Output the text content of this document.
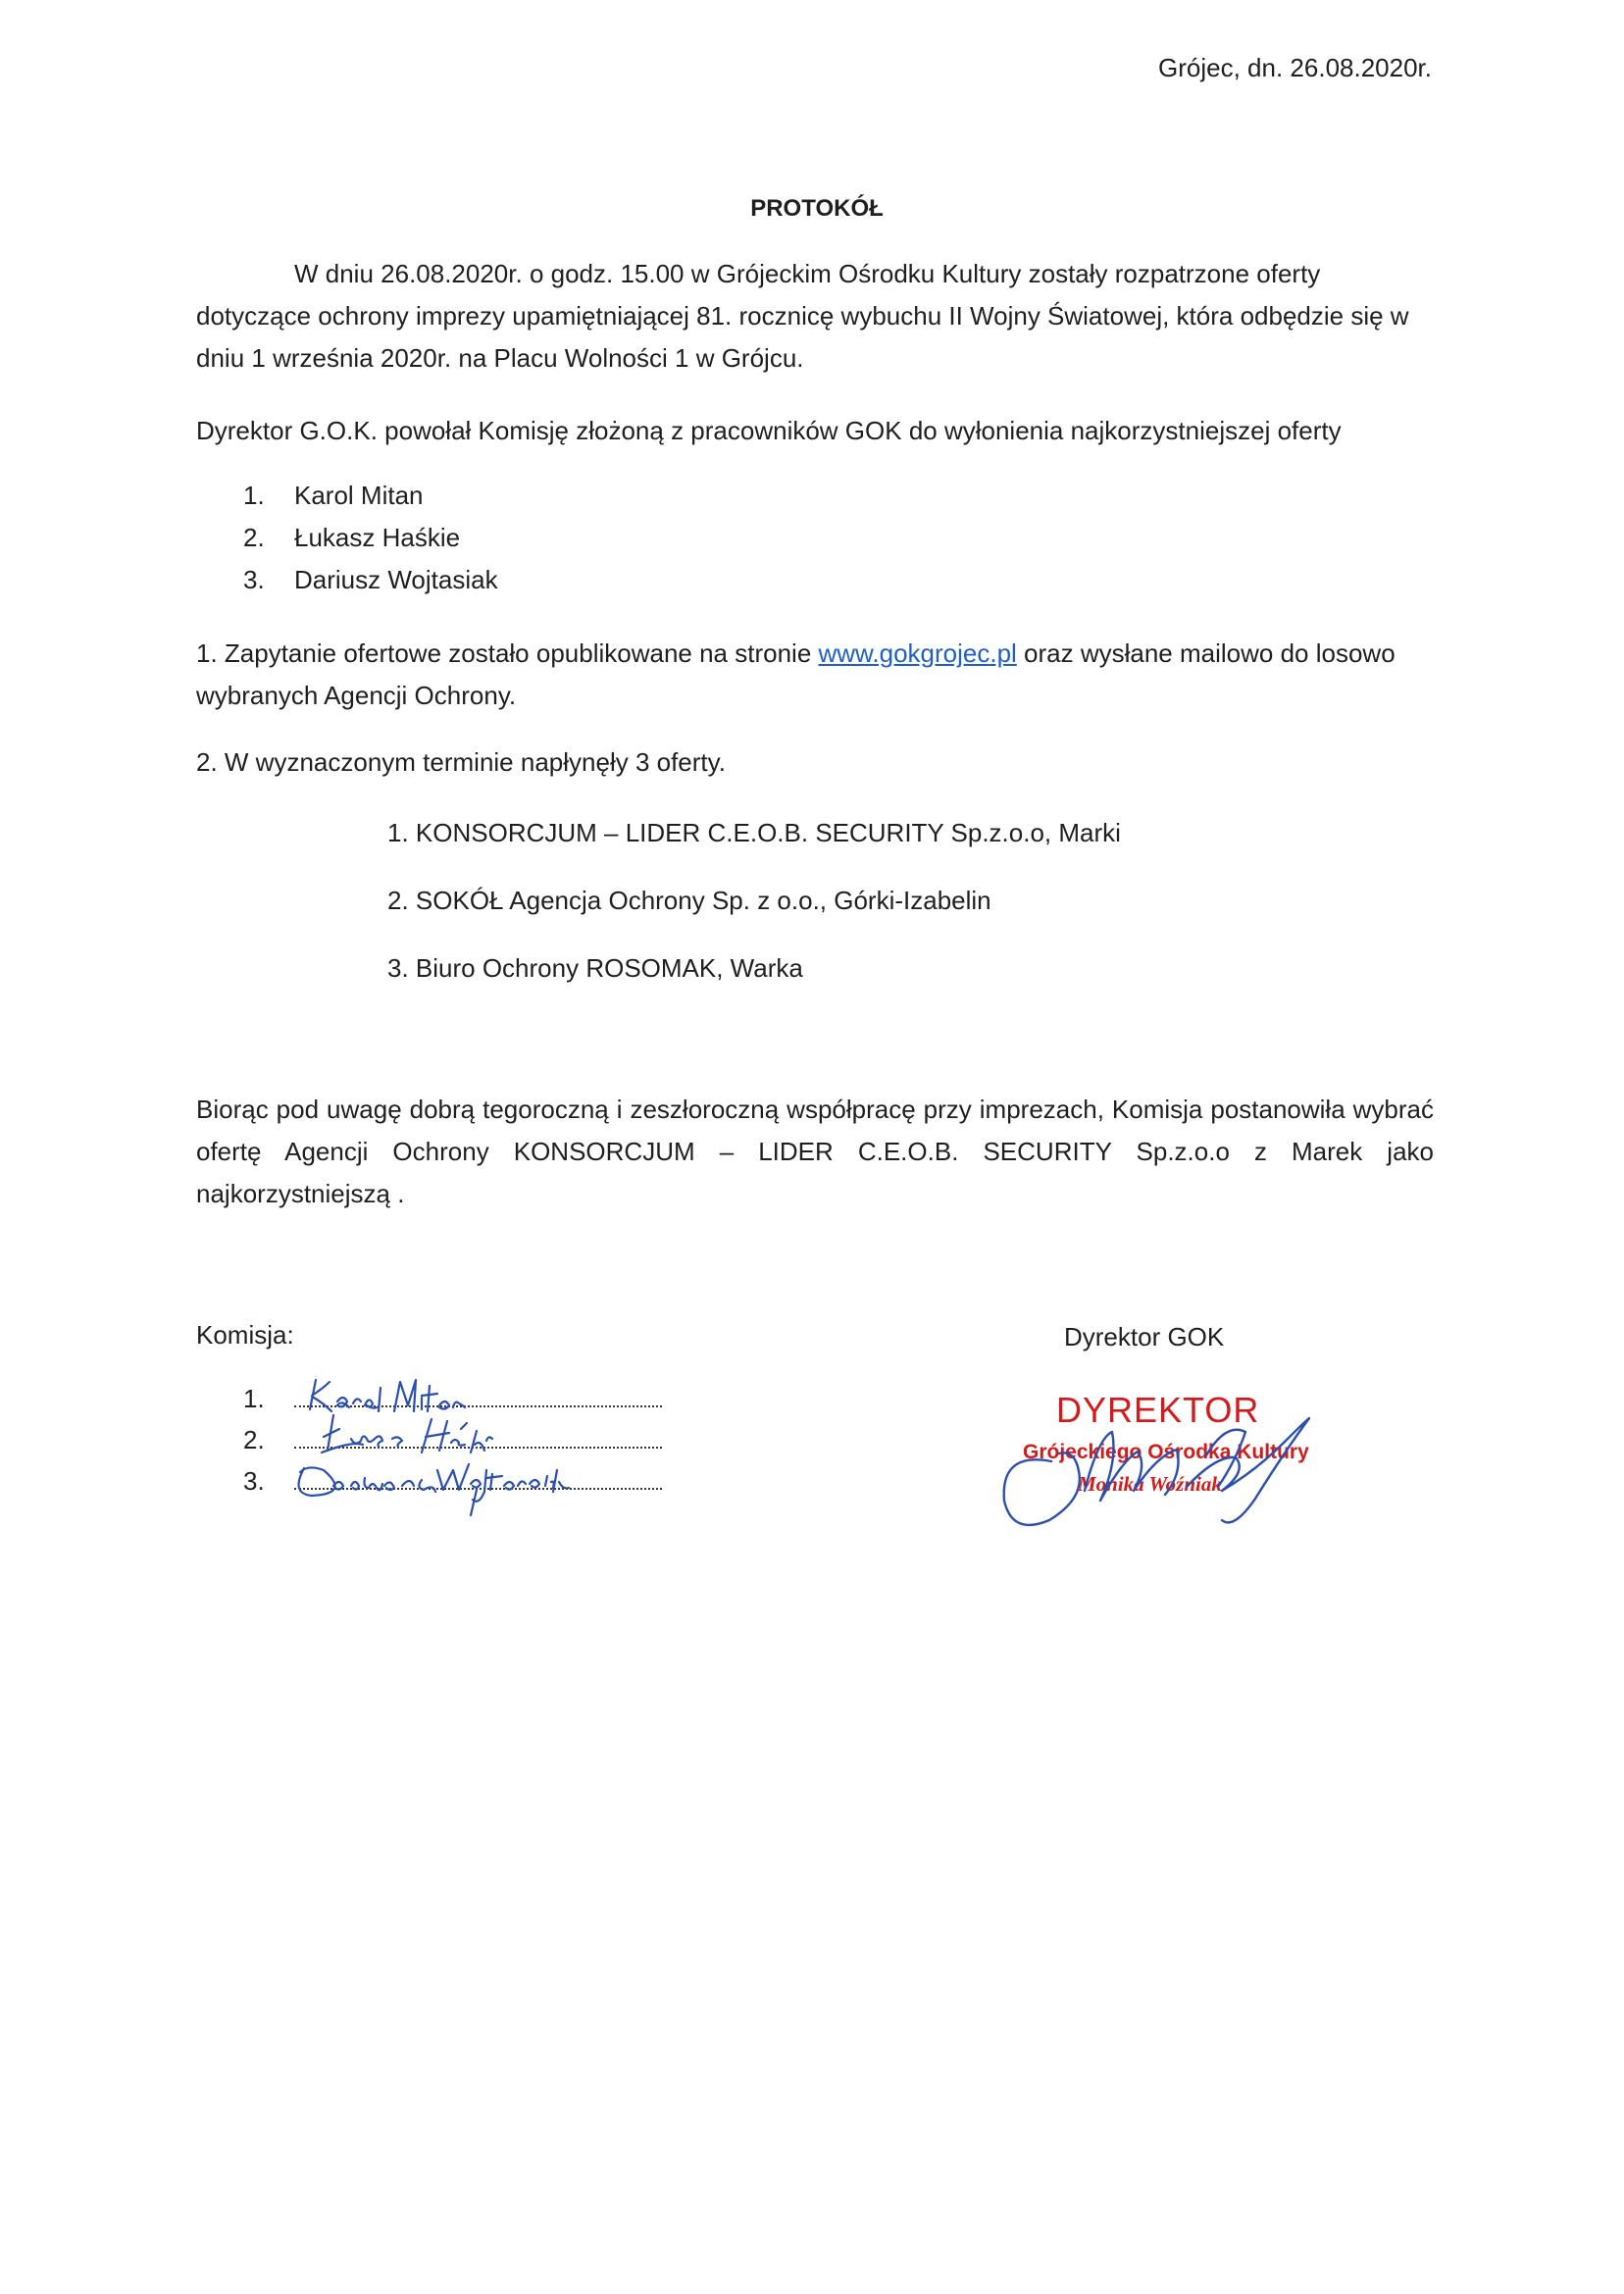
Grójec, dn. 26.08.2020r.
PROTOKÓŁ
W dniu 26.08.2020r. o godz. 15.00 w Grójeckim Ośrodku Kultury zostały rozpatrzone oferty dotyczące ochrony imprezy upamiętniającej 81. rocznicę wybuchu II Wojny Światowej, która odbędzie się w dniu 1 września 2020r. na Placu Wolności 1 w Grójcu.
Dyrektor G.O.K. powołał Komisję złożoną z pracowników GOK do wyłonienia najkorzystniejszej oferty
1. Karol Mitan
2. Łukasz Haśkie
3. Dariusz Wojtasiak
1. Zapytanie ofertowe zostało opublikowane na stronie www.gokgrojec.pl oraz wysłane mailowo do losowo wybranych Agencji Ochrony.
2. W wyznaczonym terminie napłynęły 3 oferty.
1. KONSORCJUM – LIDER C.E.O.B. SECURITY Sp.z.o.o, Marki
2. SOKÓŁ Agencja Ochrony Sp. z o.o., Górki-Izabelin
3. Biuro Ochrony ROSOMAK, Warka
Biorąc pod uwagę dobrą tegoroczną i zeszłoroczną współpracę przy imprezach, Komisja postanowiła wybrać ofertę Agencji Ochrony KONSORCJUM – LIDER C.E.O.B. SECURITY Sp.z.o.o z Marek jako najkorzystniejszą .
Komisja:	Dyrektor GOK
1.
2.
3.
DYREKTOR
Grójeckiego Ośrodka Kultury
Monika Woźniak
